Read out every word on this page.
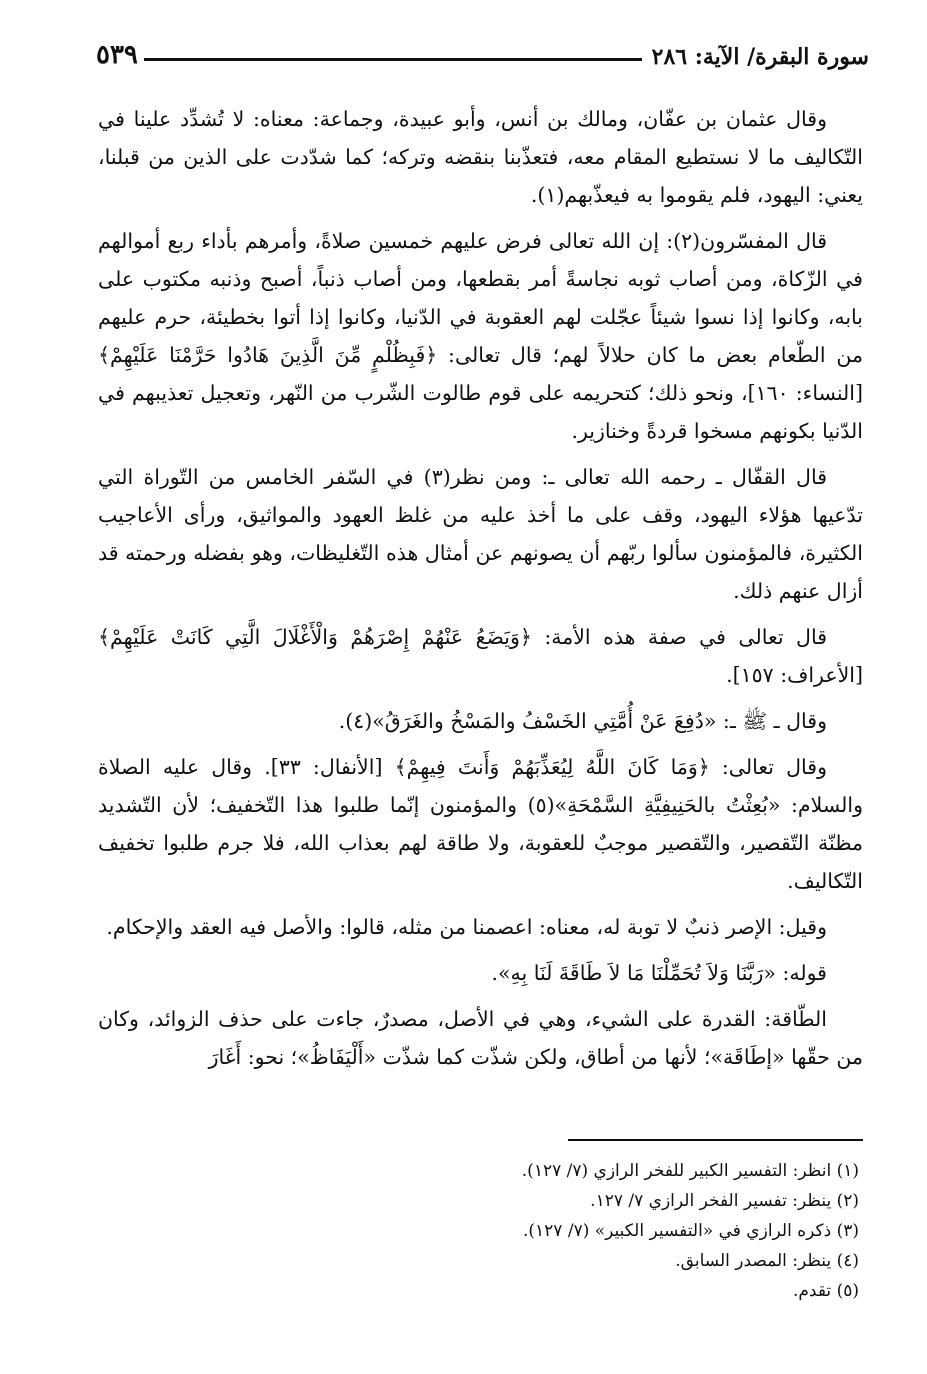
سورة البقرة/ الآية: ٢٨٦
٥٣٩

وقال عثمان بن عفّان، ومالك بن أنس، وأبو عبيدة، وجماعة: معناه: لا تُشدِّد علينا في التّكاليف ما لا نستطيع المقام معه، فتعذّبنا بنقضه وتركه؛ كما شدّدت على الذين من قبلنا، يعني: اليهود، فلم يقوموا به فيعذّبهم(١).

قال المفسّرون(٢): إن الله تعالى فرض عليهم خمسين صلاةً، وأمرهم بأداء ربع أموالهم في الزّكاة، ومن أصاب ثوبه نجاسةً أمر بقطعها، ومن أصاب ذنباً، أصبح وذنبه مكتوب على بابه، وكانوا إذا نسوا شيئاً عجّلت لهم العقوبة في الدّنيا، وكانوا إذا أتوا بخطيئة، حرم عليهم من الطّعام بعض ما كان حلالاً لهم؛ قال تعالى: ﴿فَبِظُلْمٍ مِّنَ الَّذِينَ هَادُوا حَرَّمْنَا عَلَيْهِمْ﴾ [النساء: ١٦٠]، ونحو ذلك؛ كتحريمه على قوم طالوت الشّرب من النّهر، وتعجيل تعذيبهم في الدّنيا بكونهم مسخوا قردةً وخنازير.

قال القفّال ـ رحمه الله تعالى ـ: ومن نظر(٣) في السّفر الخامس من التّوراة التي تدّعيها هؤلاء اليهود، وقف على ما أخذ عليه من غلظ العهود والمواثيق، ورأى الأعاجيب الكثيرة، فالمؤمنون سألوا ربّهم أن يصونهم عن أمثال هذه التّغليظات، وهو بفضله ورحمته قد أزال عنهم ذلك.

قال تعالى في صفة هذه الأمة: ﴿وَيَضَعُ عَنْهُمْ إِصْرَهُمْ وَالْأَغْلَالَ الَّتِي كَانَتْ عَلَيْهِمْ﴾ [الأعراف: ١٥٧].

وقال ـ ﷺ ـ: «دُفِعَ عَنْ أُمَّتِي الخَسْفُ والمَسْخُ والغَرَقُ»(٤).

وقال تعالى: ﴿وَمَا كَانَ اللَّهُ لِيُعَذِّبَهُمْ وَأَنتَ فِيهِمْ﴾ [الأنفال: ٣٣]. وقال عليه الصلاة والسلام: «بُعِثْتُ بالحَنِيفِيَّةِ السَّمْحَةِ»(٥) والمؤمنون إنّما طلبوا هذا التّخفيف؛ لأن التّشديد مظنّة التّقصير، والتّقصير موجبٌ للعقوبة، ولا طاقة لهم بعذاب الله، فلا جرم طلبوا تخفيف التّكاليف.

وقيل: الإصر ذنبٌ لا توبة له، معناه: اعصمنا من مثله، قالوا: والأصل فيه العقد والإحكام.

قوله: «رَبَّنَا وَلاَ تُحَمِّلْنَا مَا لاَ طَاقَةَ لَنَا بِهِ».

الطّاقة: القدرة على الشيء، وهي في الأصل، مصدرٌ، جاءت على حذف الزوائد، وكان من حقّها «إطَاقَة»؛ لأنها من أطاق، ولكن شذّت كما شذّت «أَلْيَفَاظُ»؛ نحو: أَغَارَ

(١) انظر: التفسير الكبير للفخر الرازي (٧/ ١٢٧).

(٢) ينظر: تفسير الفخر الرازي ٧/ ١٢٧.

(٣) ذكره الرازي في «التفسير الكبير» (٧/ ١٢٧).

(٤) ينظر: المصدر السابق.

(٥) تقدم.
